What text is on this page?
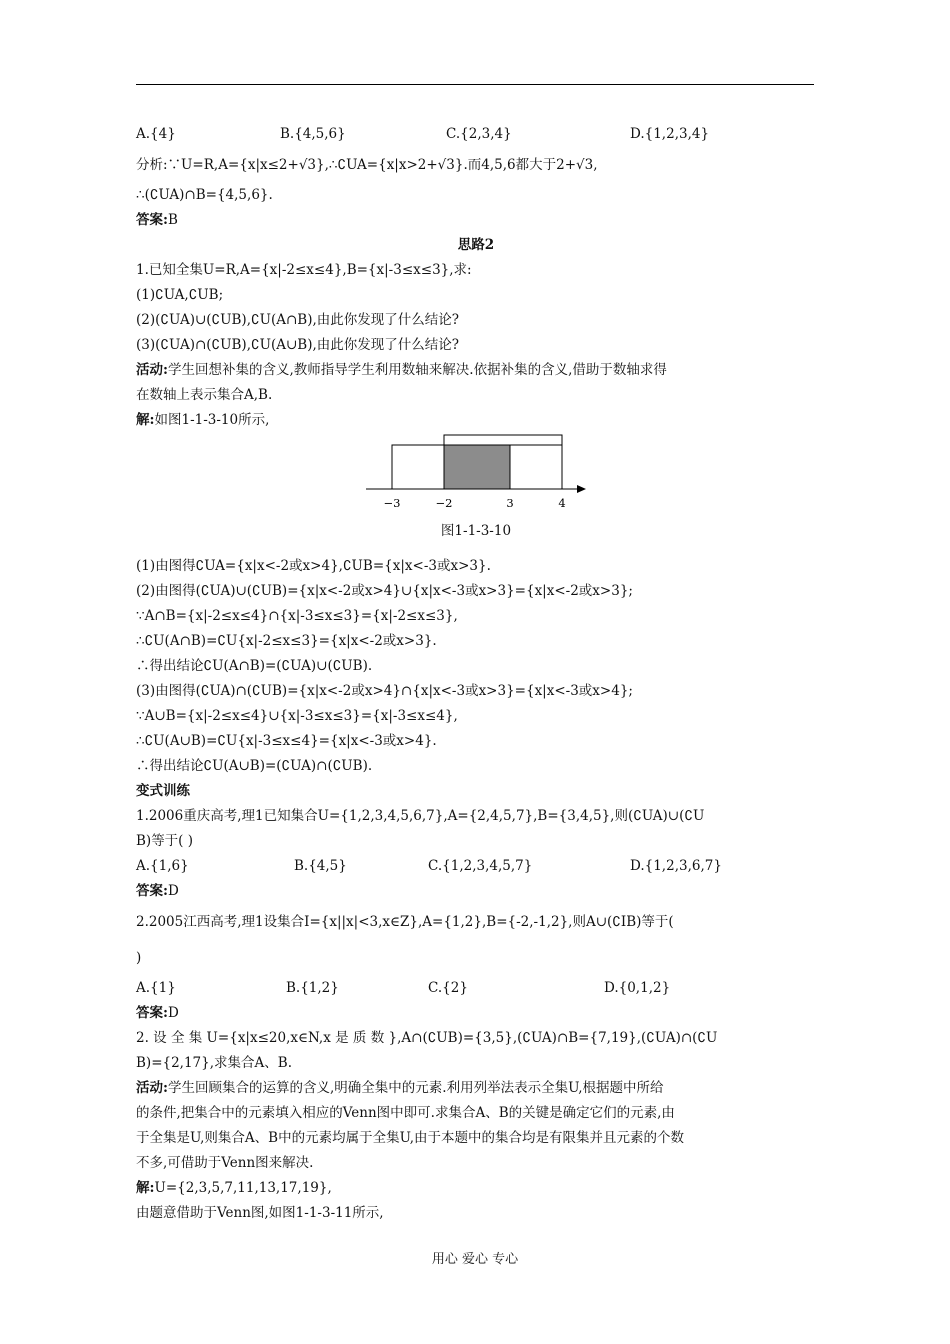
A.{4}	B.{4,5,6}	C.{2,3,4}	D.{1,2,3,4}
分析:∵U=R,A={x|x≤2+√3},∴∁UA={x|x>2+√3}.而4,5,6都大于2+√3,
∴(∁UA)∩B={4,5,6}.
答案:B
思路2
1.已知全集U=R,A={x|-2≤x≤4},B={x|-3≤x≤3},求:
(1)∁UA,∁UB;
(2)(∁UA)∪(∁UB),∁U(A∩B),由此你发现了什么结论?
(3)(∁UA)∩(∁UB),∁U(A∪B),由此你发现了什么结论?
活动:学生回想补集的含义,教师指导学生利用数轴来解决.依据补集的含义,借助于数轴求得
在数轴上表示集合A,B.
解:如图1-1-3-10所示,
−3	−2	3	4
图1-1-3-10
(1)由图得∁UA={x|x<-2或x>4},∁UB={x|x<-3或x>3}.
(2)由图得(∁UA)∪(∁UB)={x|x<-2或x>4}∪{x|x<-3或x>3}={x|x<-2或x>3};
∵A∩B={x|-2≤x≤4}∩{x|-3≤x≤3}={x|-2≤x≤3},
∴∁U(A∩B)=∁U{x|-2≤x≤3}={x|x<-2或x>3}.
∴得出结论∁U(A∩B)=(∁UA)∪(∁UB).
(3)由图得(∁UA)∩(∁UB)={x|x<-2或x>4}∩{x|x<-3或x>3}={x|x<-3或x>4};
∵A∪B={x|-2≤x≤4}∪{x|-3≤x≤3}={x|-3≤x≤4},
∴∁U(A∪B)=∁U{x|-3≤x≤4}={x|x<-3或x>4}.
∴得出结论∁U(A∪B)=(∁UA)∩(∁UB).
变式训练
1.2006重庆高考,理1已知集合U={1,2,3,4,5,6,7},A={2,4,5,7},B={3,4,5},则(∁UA)∪(∁U
B)等于( )
A.{1,6}	B.{4,5}	C.{1,2,3,4,5,7}	D.{1,2,3,6,7}
答案:D
2.2005江西高考,理1设集合I={x||x|<3,x∈Z},A={1,2},B={-2,-1,2},则A∪(∁IB)等于(
)
A.{1}	B.{1,2}	C.{2}	D.{0,1,2}
答案:D
2. 设 全 集 U={x|x≤20,x∈N,x 是 质 数 },A∩(∁UB)={3,5},(∁UA)∩B={7,19},(∁UA)∩(∁U
B)={2,17},求集合A、B.
活动:学生回顾集合的运算的含义,明确全集中的元素.利用列举法表示全集U,根据题中所给
的条件,把集合中的元素填入相应的Venn图中即可.求集合A、B的关键是确定它们的元素,由
于全集是U,则集合A、B中的元素均属于全集U,由于本题中的集合均是有限集并且元素的个数
不多,可借助于Venn图来解决.
解:U={2,3,5,7,11,13,17,19},
由题意借助于Venn图,如图1-1-3-11所示,
用心 爱心 专心
